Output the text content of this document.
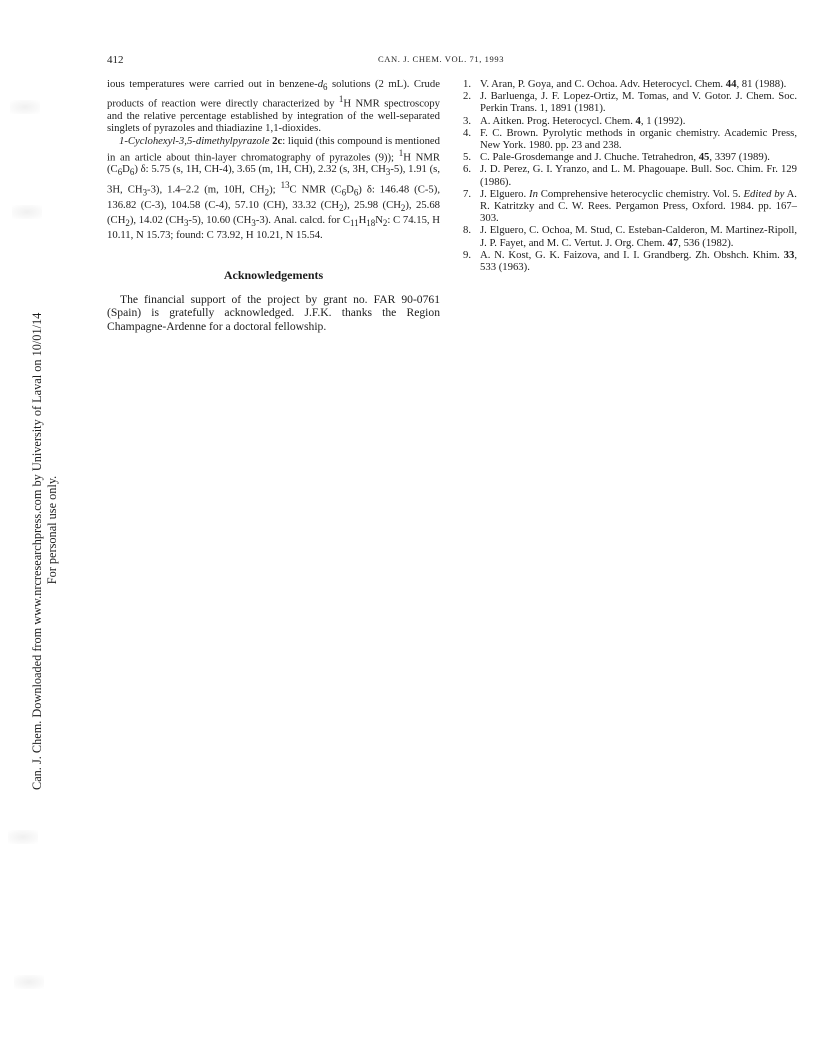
412	CAN. J. CHEM. VOL. 71, 1993

ious temperatures were carried out in benzene-$d_6$ solutions (2 mL). Crude products of reaction were directly characterized by $^1$H NMR spectroscopy and the relative percentage established by integration of the well-separated singlets of pyrazoles and thiadiazine 1,1-dioxides.

1-Cyclohexyl-3,5-dimethylpyrazole 2c: liquid (this compound is mentioned in an article about thin-layer chromatography of pyrazoles (9)); $^1$H NMR $(C_6D_6)$ δ: 5.75 (s, 1H, CH-4), 3.65 (m, 1H, CH), 2.32 (s, 3H, $CH_3-5$), 1.91 (s, 3H, $CH_3-3$), 1.4–2.2 (m, 10H, $CH_2$); $^{13}$C NMR $(C_6D_6)$ δ: 146.48 (C-5), 136.82 (C-3), 104.58 (C-4), 57.10 (CH), 33.32 $(CH_2)$, 25.98 $(CH_2)$, 25.68 $(CH_2)$, 14.02 $(CH_3-5)$, 10.60 $(CH_3-3)$. Anal. calcd. for $C_{11}H_{18}N_2$: C 74.15, H 10.11, N 15.73; found: C 73.92, H 10.21, N 15.54.

Acknowledgements
The financial support of the project by grant no. FAR 90-0761 (Spain) is gratefully acknowledged. J.F.K. thanks the Region Champagne-Ardenne for a doctoral fellowship.
1. V. Aran, P. Goya, and C. Ochoa. Adv. Heterocycl. Chem. 44, 81 (1988).
2. J. Barluenga, J. F. Lopez-Ortiz, M. Tomas, and V. Gotor. J. Chem. Soc. Perkin Trans. 1, 1891 (1981).
3. A. Aitken. Prog. Heterocycl. Chem. 4, 1 (1992).
4. F. C. Brown. Pyrolytic methods in organic chemistry. Academic Press, New York. 1980. pp. 23 and 238.
5. C. Pale-Grosdemange and J. Chuche. Tetrahedron, 45, 3397 (1989).
6. J. D. Perez, G. I. Yranzo, and L. M. Phagouape. Bull. Soc. Chim. Fr. 129 (1986).
7. J. Elguero. In Comprehensive heterocyclic chemistry. Vol. 5. Edited by A. R. Katritzky and C. W. Rees. Pergamon Press, Oxford. 1984. pp. 167–303.
8. J. Elguero, C. Ochoa, M. Stud, C. Esteban-Calderon, M. Martinez-Ripoll, J. P. Fayet, and M. C. Vertut. J. Org. Chem. 47, 536 (1982).
9. A. N. Kost, G. K. Faizova, and I. I. Grandberg. Zh. Obshch. Khim. 33, 533 (1963).
Can. J. Chem. Downloaded from www.nrcresearchpress.com by University of Laval on 10/01/14 For personal use only.
